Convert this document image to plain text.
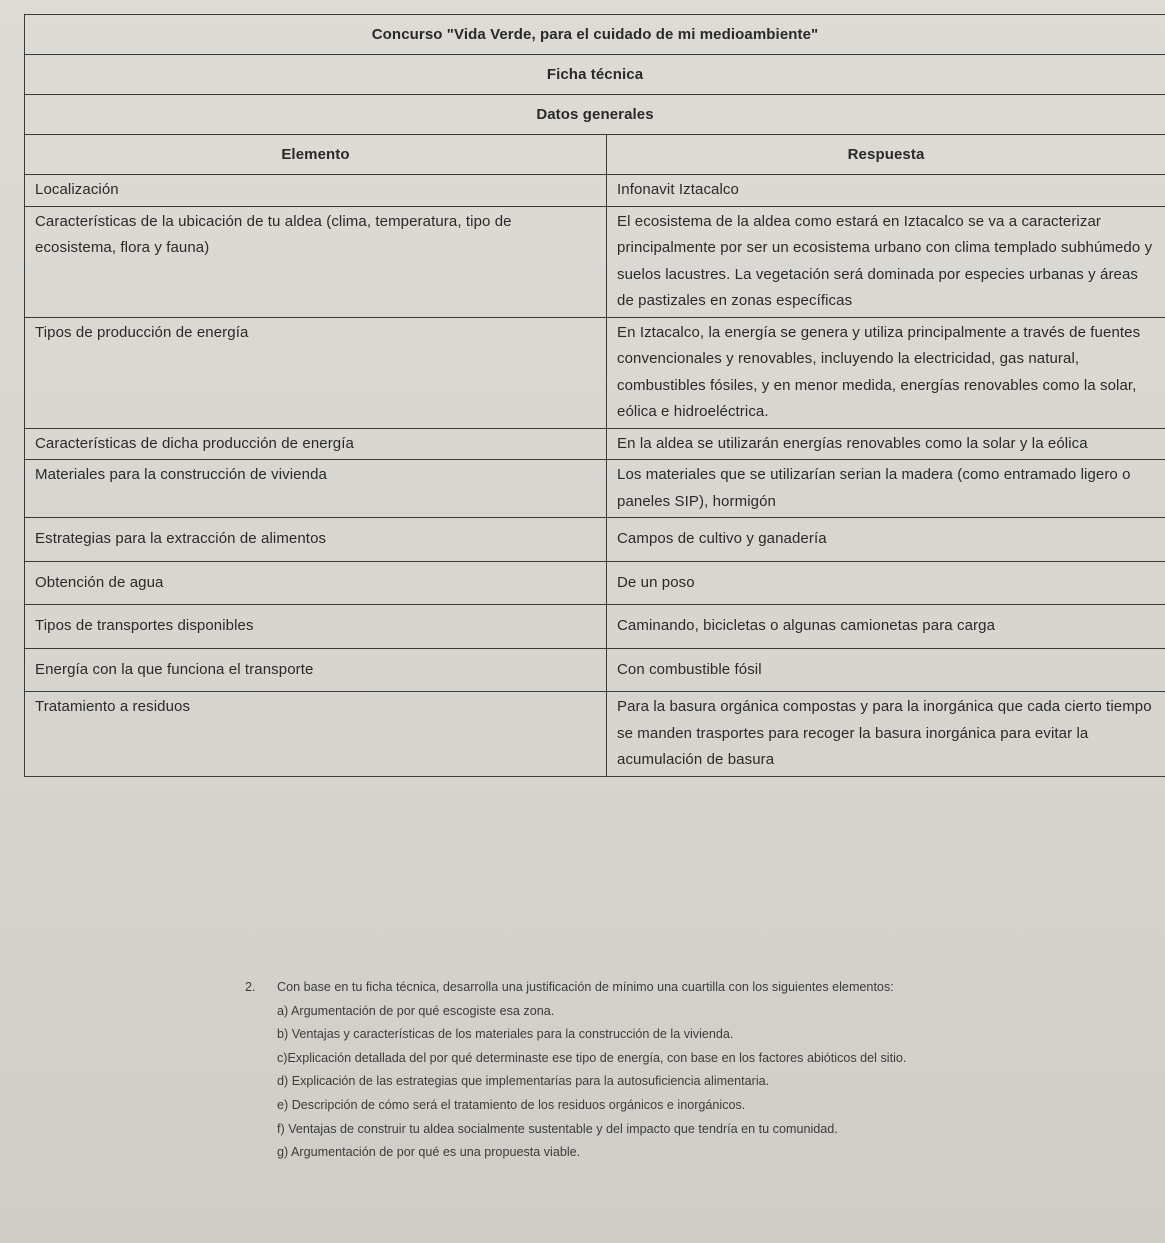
Concurso "Vida Verde, para el cuidado de mi medioambiente"	
Ficha técnica	
Datos generales	
Elemento	Respuesta
Localización	Infonavit Iztacalco
Características de la ubicación de tu aldea (clima, temperatura, tipo de ecosistema, flora y fauna)	El ecosistema de la aldea como estará en Iztacalco se va a caracterizar principalmente por ser un ecosistema urbano con clima templado subhúmedo y suelos lacustres. La vegetación será dominada por especies urbanas y áreas de pastizales en zonas específicas
Tipos de producción de energía	En Iztacalco, la energía se genera y utiliza principalmente a través de fuentes convencionales y renovables, incluyendo la electricidad, gas natural, combustibles fósiles, y en menor medida, energías renovables como la solar, eólica e hidroeléctrica.
Características de dicha producción de energía	En la aldea se utilizarán energías renovables como la solar y la eólica
Materiales para la construcción de vivienda	Los materiales que se utilizarían serian la madera (como entramado ligero o paneles SIP), hormigón
Estrategias para la extracción de alimentos	Campos de cultivo y ganadería
Obtención de agua	De un poso
Tipos de transportes disponibles	Caminando, bicicletas o algunas camionetas para carga
Energía con la que funciona el transporte	Con combustible fósil
Tratamiento a residuos	Para la basura orgánica compostas y para la inorgánica que cada cierto tiempo se manden trasportes para recoger la basura inorgánica para evitar la acumulación de basura
2.	Con base en tu ficha técnica, desarrolla una justificación de mínimo una cuartilla con los siguientes elementos:

a) Argumentación de por qué escogiste esa zona.

b) Ventajas y características de los materiales para la construcción de la vivienda.

c)Explicación detallada del por qué determinaste ese tipo de energía, con base en los factores abióticos del sitio.

d) Explicación de las estrategias que implementarías para la autosuficiencia alimentaria.

e) Descripción de cómo será el tratamiento de los residuos orgánicos e inorgánicos.

f) Ventajas de construir tu aldea socialmente sustentable y del impacto que tendría en tu comunidad.

g) Argumentación de por qué es una propuesta viable.
